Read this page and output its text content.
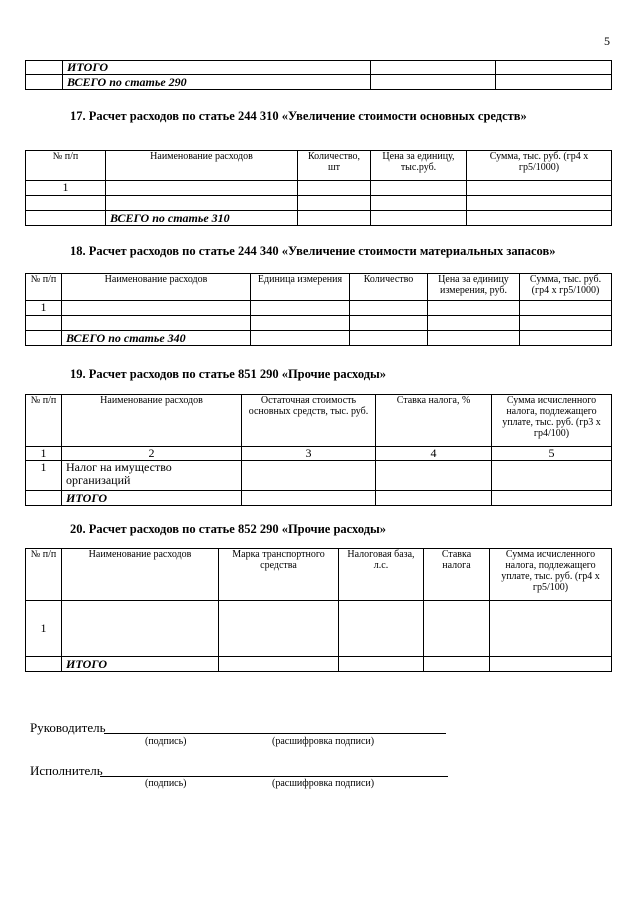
5
	ИТОГО		
	ВСЕГО по статье 290		
17. Расчет расходов по статье 244 310 «Увеличение стоимости основных средств»
№ п/п	Наименование расходов	Количество, шт	Цена за единицу, тыс.руб.	Сумма, тыс. руб. (гр4 х гр5/1000)
1				

	ВСЕГО по статье 310			
18. Расчет расходов по статье 244 340 «Увеличение стоимости материальных запасов»
№ п/п	Наименование расходов	Единица измерения	Количество	Цена за единицу измерения, руб.	Сумма, тыс. руб. (гр4 х гр5/1000)
1					

	ВСЕГО по статье 340				
19. Расчет расходов по статье 851 290 «Прочие расходы»
№ п/п	Наименование расходов	Остаточная стоимость основных средств, тыс. руб.	Ставка налога, %	Сумма исчисленного налога, подлежащего уплате, тыс. руб. (гр3 х гр4/100)
1	2	3	4	5
1	Налог на имущество организаций			
	ИТОГО			
20. Расчет расходов по статье 852 290 «Прочие расходы»
№ п/п	Наименование расходов	Марка транспортного средства	Налоговая база, л.с.	Ставка налога	Сумма исчисленного налога, подлежащего уплате, тыс. руб. (гр4 х гр5/100)
1					
	ИТОГО				
Руководитель
(подпись)	(расшифровка подписи)
Исполнитель
(подпись)	(расшифровка подписи)
